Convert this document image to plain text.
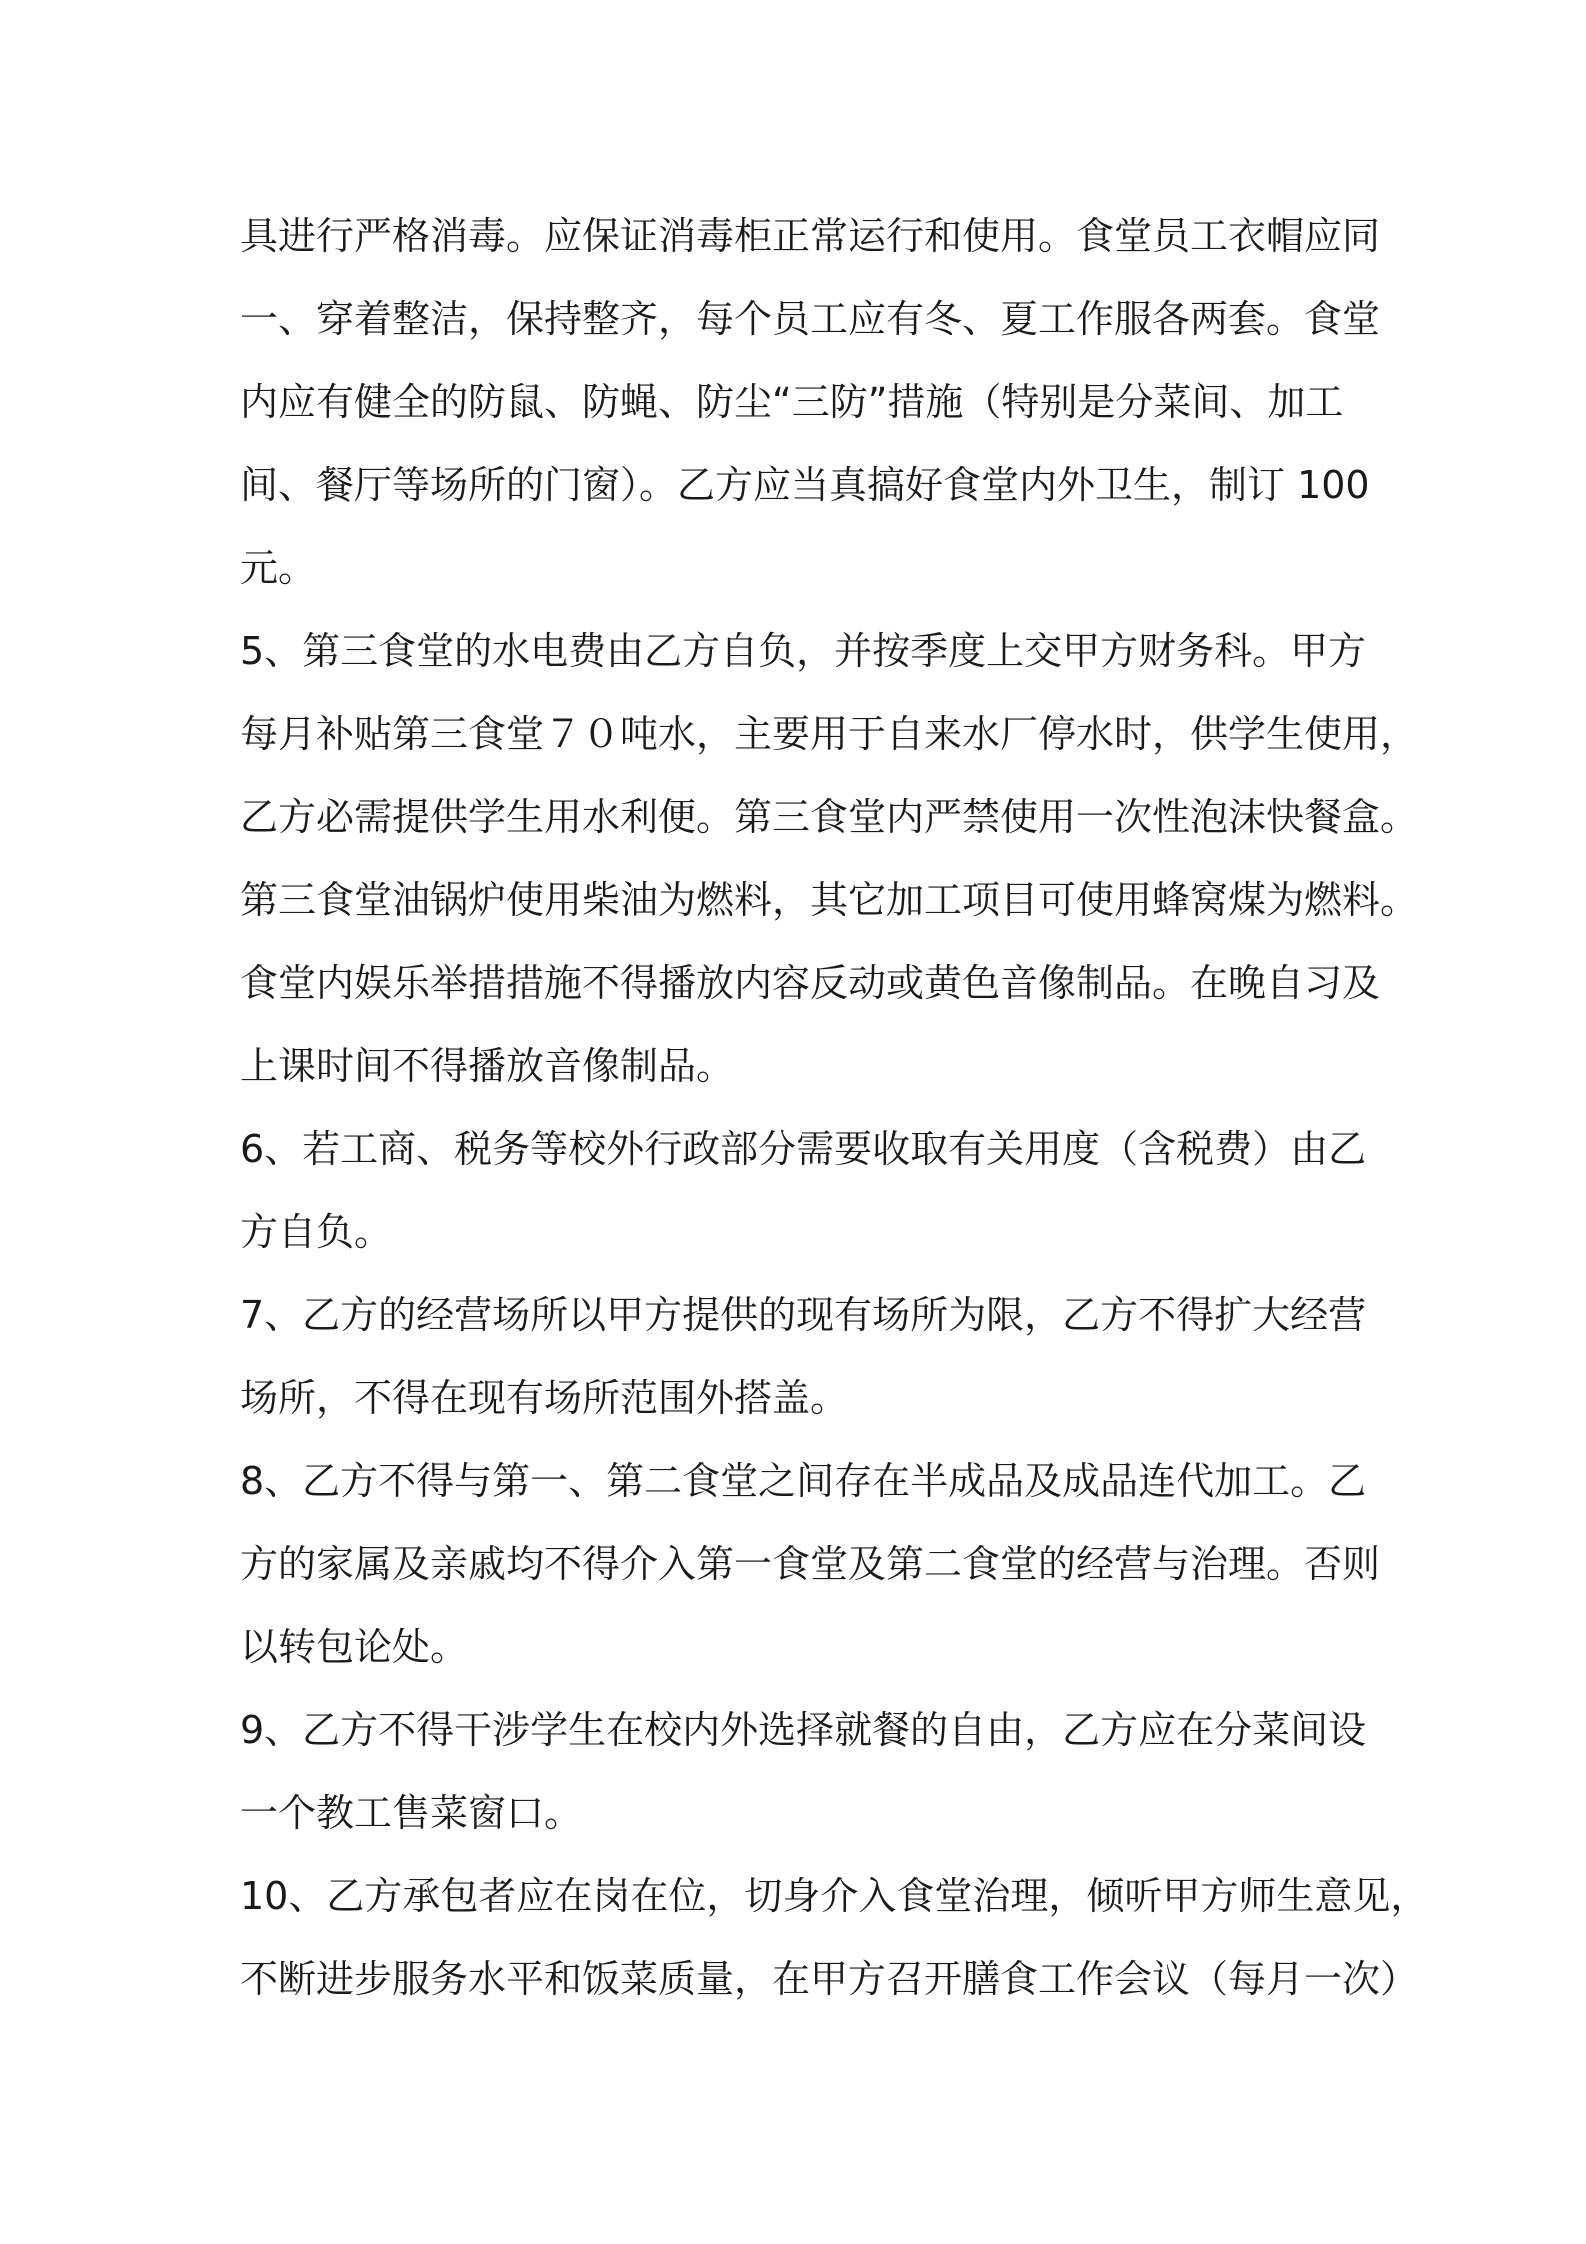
具进行严格消毒。应保证消毒柜正常运行和使用。食堂员工衣帽应同
一、穿着整洁，保持整齐，每个员工应有冬、夏工作服各两套。食堂
内应有健全的防鼠、防蝇、防尘“三防”措施（特别是分菜间、加工
间、餐厅等场所的门窗）。乙方应当真搞好食堂内外卫生，制订 100
元。
5、第三食堂的水电费由乙方自负，并按季度上交甲方财务科。甲方
每月补贴第三食堂７０吨水，主要用于自来水厂停水时，供学生使用，
乙方必需提供学生用水利便。第三食堂内严禁使用一次性泡沫快餐盒。
第三食堂油锅炉使用柴油为燃料，其它加工项目可使用蜂窝煤为燃料。
食堂内娱乐举措措施不得播放内容反动或黄色音像制品。在晚自习及
上课时间不得播放音像制品。
6、若工商、税务等校外行政部分需要收取有关用度（含税费）由乙
方自负。
7、乙方的经营场所以甲方提供的现有场所为限，乙方不得扩大经营
场所，不得在现有场所范围外搭盖。
8、乙方不得与第一、第二食堂之间存在半成品及成品连代加工。乙
方的家属及亲戚均不得介入第一食堂及第二食堂的经营与治理。否则
以转包论处。
9、乙方不得干涉学生在校内外选择就餐的自由，乙方应在分菜间设
一个教工售菜窗口。
10、乙方承包者应在岗在位，切身介入食堂治理，倾听甲方师生意见，
不断进步服务水平和饭菜质量，在甲方召开膳食工作会议（每月一次）
